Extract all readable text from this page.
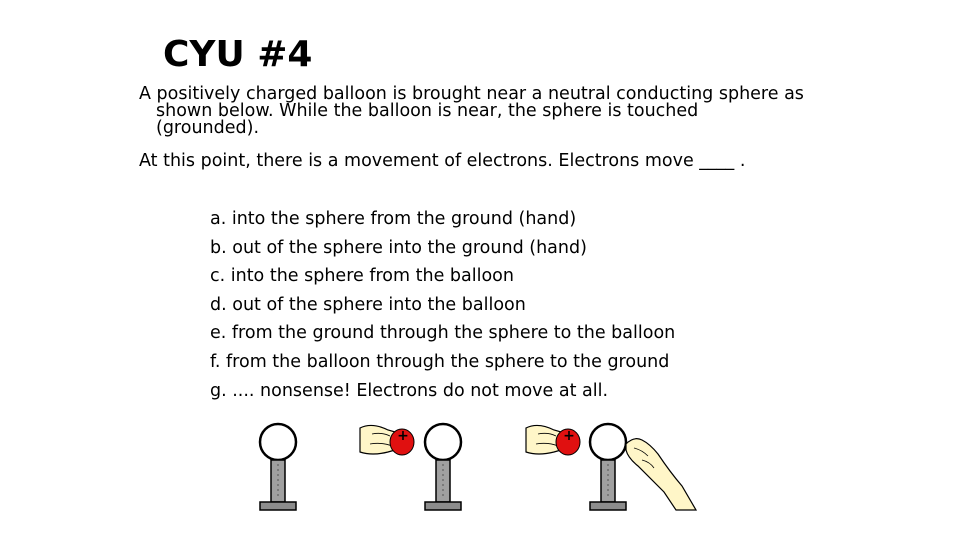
CYU #4

A positively charged balloon is brought near a neutral conducting sphere as

shown below. While the balloon is near, the sphere is touched

(grounded).

At this point, there is a movement of electrons. Electrons move ____ .
a. into the sphere from the ground (hand)
b. out of the sphere into the ground (hand)
c. into the sphere from the balloon
d. out of the sphere into the balloon
e. from the ground through the sphere to the balloon
f. from the balloon through the sphere to the ground
g. .... nonsense! Electrons do not move at all.
+	+
